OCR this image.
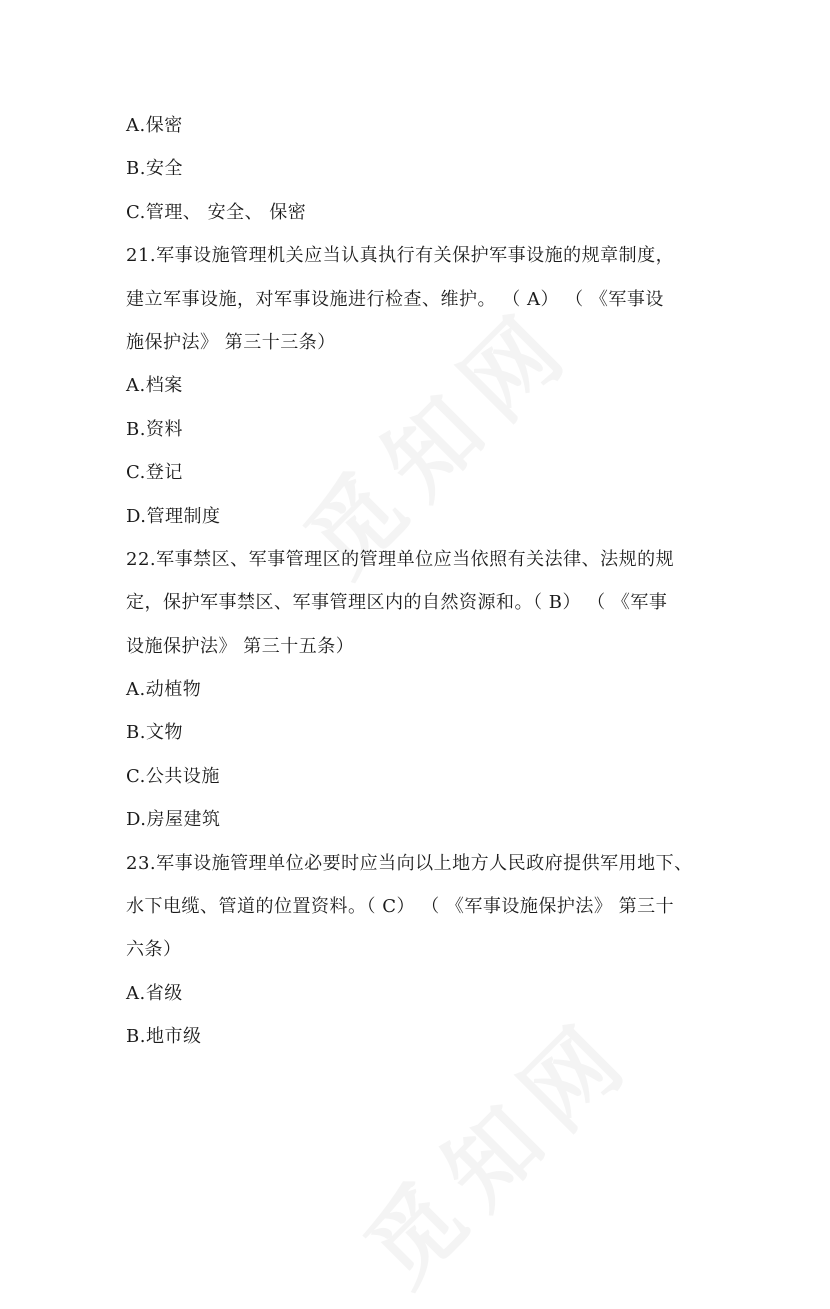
A.保密
B.安全
C.管理、 安全、 保密
21.军事设施管理机关应当认真执行有关保护军事设施的规章制度，
建立军事设施，对军事设施进行检查、维护。 （ A） （ 《军事设
施保护法》 第三十三条）
A.档案
B.资料
C.登记
D.管理制度
22.军事禁区、军事管理区的管理单位应当依照有关法律、法规的规
定，保护军事禁区、军事管理区内的自然资源和。（ B） （ 《军事
设施保护法》 第三十五条）
A.动植物
B.文物
C.公共设施
D.房屋建筑
23.军事设施管理单位必要时应当向以上地方人民政府提供军用地下、
水下电缆、管道的位置资料。（ C） （ 《军事设施保护法》 第三十
六条）
A.省级
B.地市级
